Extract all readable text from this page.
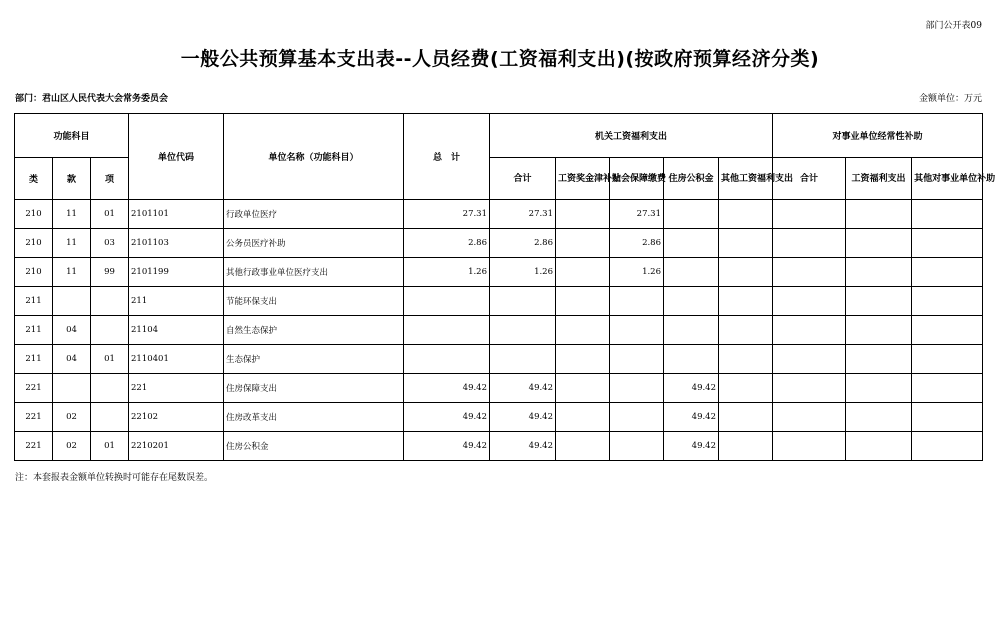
部门公开表09
一般公共预算基本支出表--人员经费(工资福利支出)(按政府预算经济分类)
部门：君山区人民代表大会常务委员会	金额单位：万元
功能科目			单位代码	单位名称（功能科目）	总　计	机关工资福利支出					对事业单位经常性补助		
类	款	项				合计	工资奖金津补贴	社会保障缴费	住房公积金	其他工资福利支出	合计	工资福利支出	其他对事业单位补助
210	11	01	2101101	行政单位医疗	27.31	27.31		27.31					
210	11	03	2101103	公务员医疗补助	2.86	2.86		2.86					
210	11	99	2101199	其他行政事业单位医疗支出	1.26	1.26		1.26					
211			211	节能环保支出									
211	04		21104	自然生态保护									
211	04	01	2110401	生态保护									
221			221	住房保障支出	49.42	49.42			49.42				
221	02		22102	住房改革支出	49.42	49.42			49.42				
221	02	01	2210201	住房公积金	49.42	49.42			49.42				
注：本套报表金额单位转换时可能存在尾数误差。
